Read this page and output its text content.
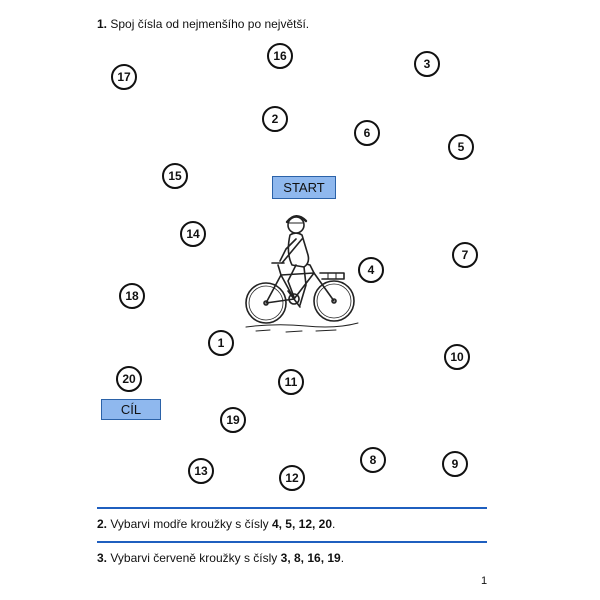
1. Spoj čísla od nejmenšího po největší.
16
3
17
2
6
5
15
14
7
4
18
1
10
20	11
19
8	9
13	12
START
CÍL
2. Vybarvi modře kroužky s čísly 4, 5, 12, 20.
3. Vybarvi červeně kroužky s čísly 3, 8, 16, 19.
1
